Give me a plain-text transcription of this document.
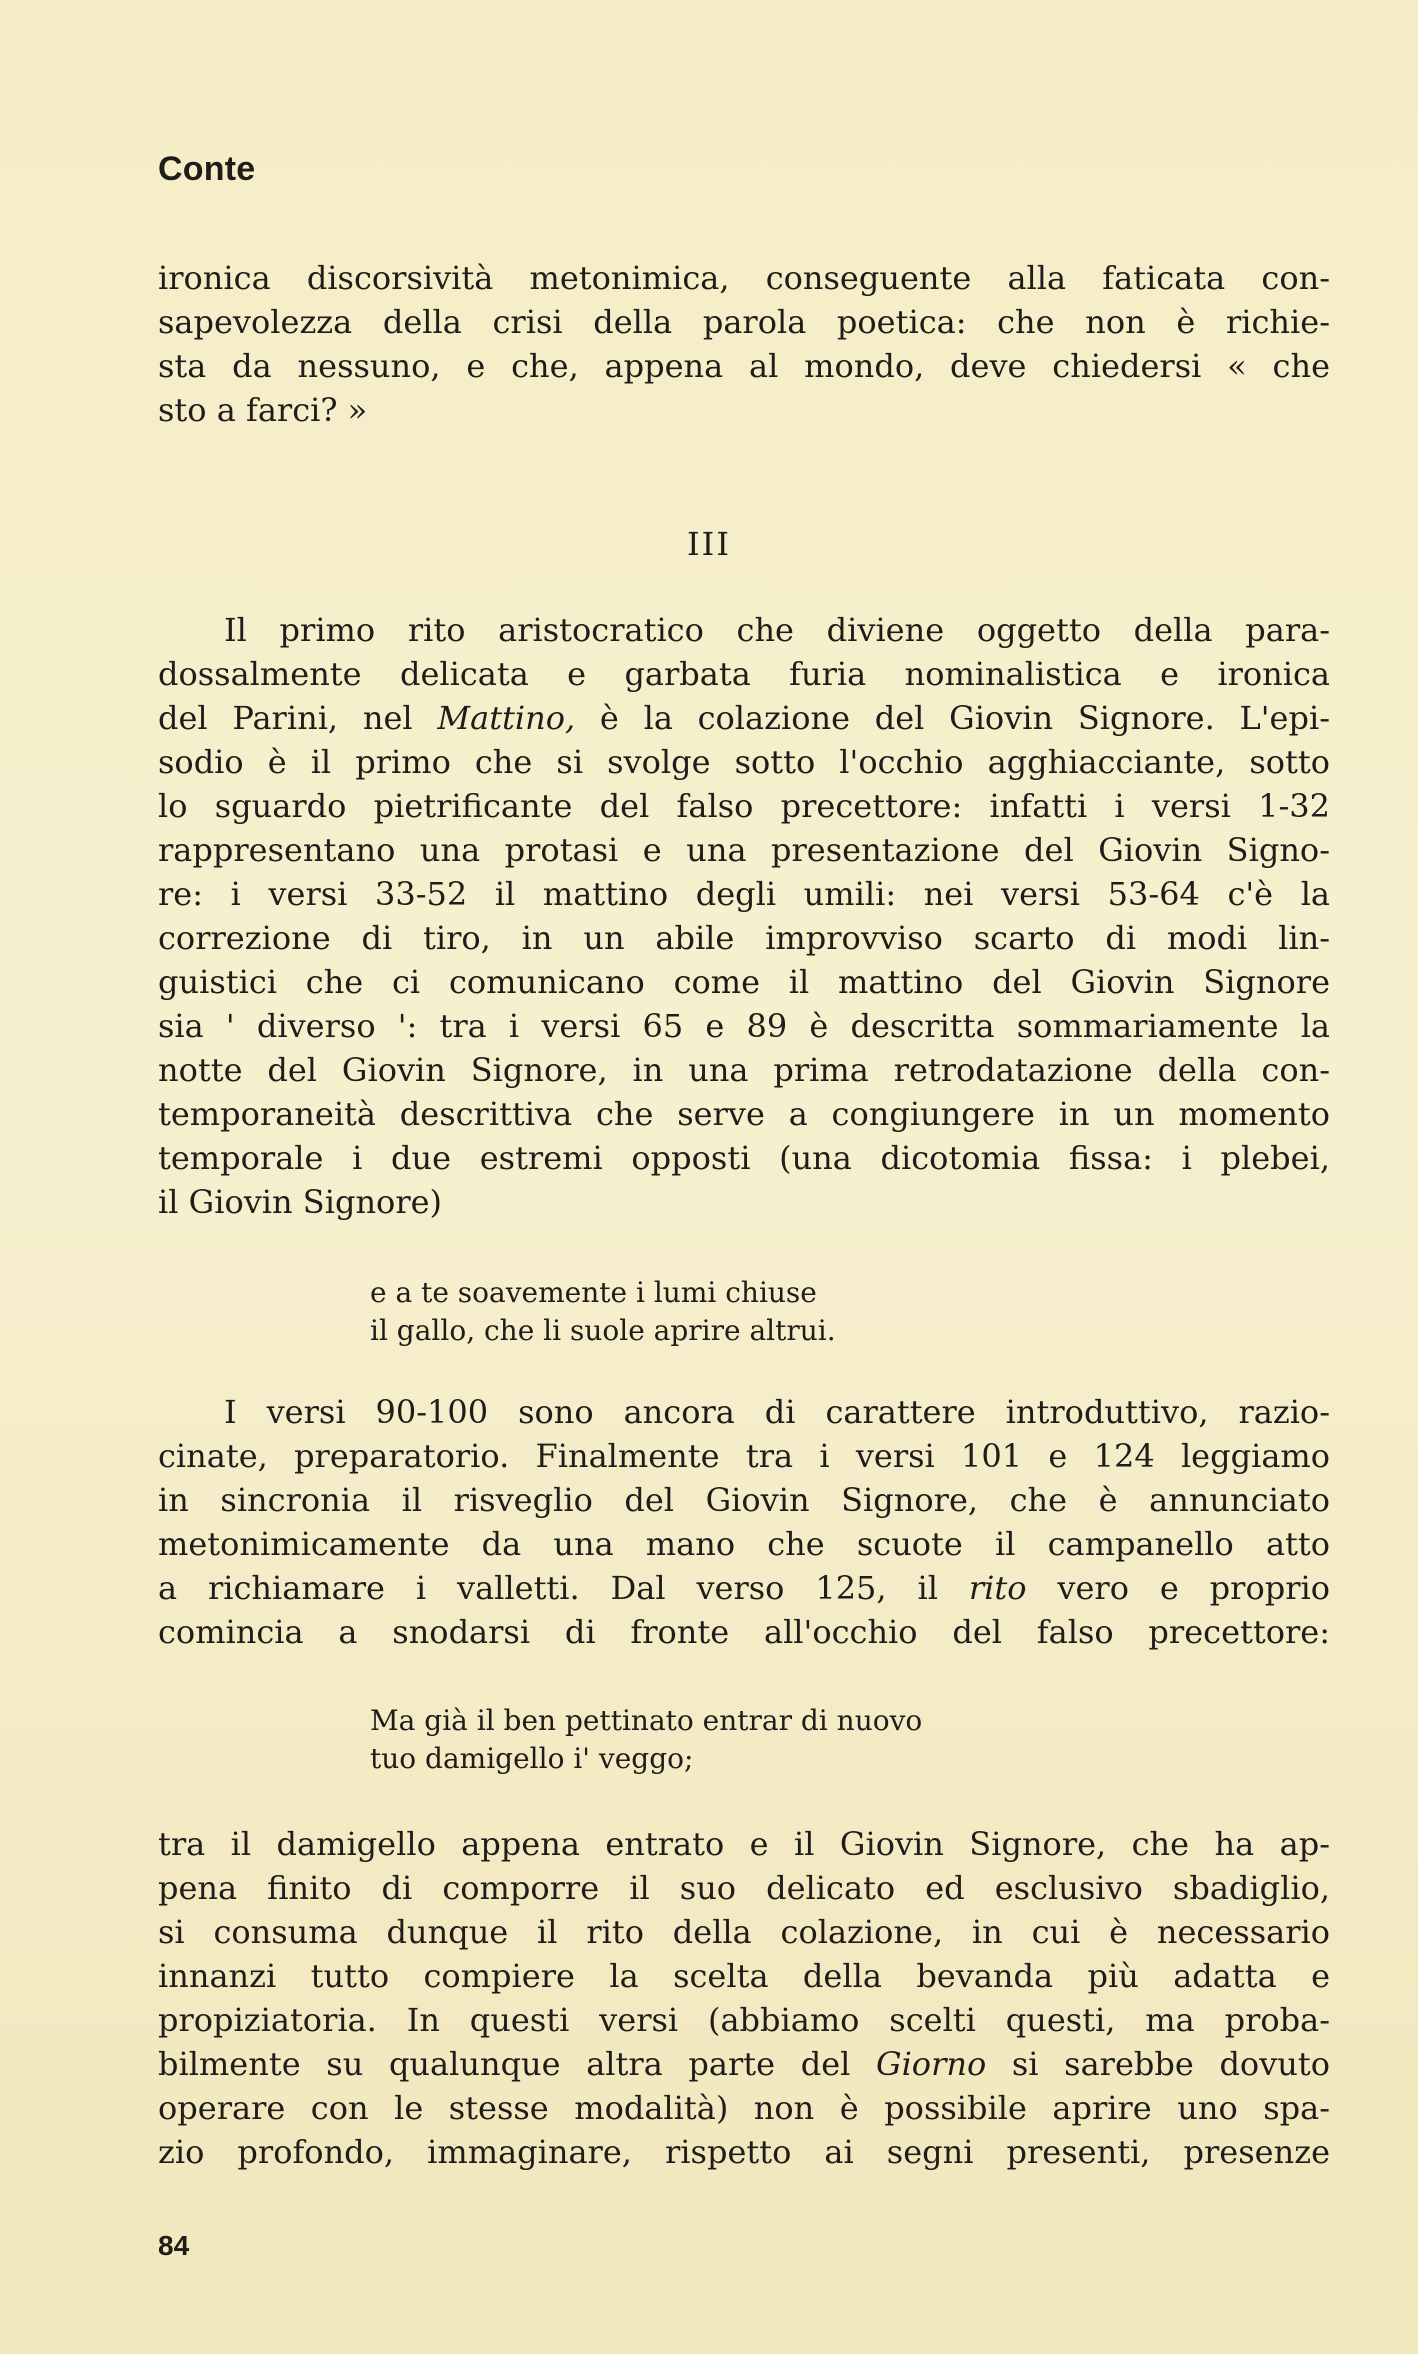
Conte
ironica discorsività metonimica, conseguente alla faticata con-
sapevolezza della crisi della parola poetica: che non è richie-
sta da nessuno, e che, appena al mondo, deve chiedersi « che
sto a farci? »
III
Il primo rito aristocratico che diviene oggetto della para-
dossalmente delicata e garbata furia nominalistica e ironica
del Parini, nel Mattino, è la colazione del Giovin Signore. L'epi-
sodio è il primo che si svolge sotto l'occhio agghiacciante, sotto
lo sguardo pietrificante del falso precettore: infatti i versi 1-32
rappresentano una protasi e una presentazione del Giovin Signo-
re: i versi 33-52 il mattino degli umili: nei versi 53-64 c'è la
correzione di tiro, in un abile improvviso scarto di modi lin-
guistici che ci comunicano come il mattino del Giovin Signore
sia ' diverso ': tra i versi 65 e 89 è descritta sommariamente la
notte del Giovin Signore, in una prima retrodatazione della con-
temporaneità descrittiva che serve a congiungere in un momento
temporale i due estremi opposti (una dicotomia fissa: i plebei,
il Giovin Signore)
e a te soavemente i lumi chiuse
il gallo, che li suole aprire altrui.
I versi 90-100 sono ancora di carattere introduttivo, razio-
cinate, preparatorio. Finalmente tra i versi 101 e 124 leggiamo
in sincronia il risveglio del Giovin Signore, che è annunciato
metonimicamente da una mano che scuote il campanello atto
a richiamare i valletti. Dal verso 125, il rito vero e proprio
comincia a snodarsi di fronte all'occhio del falso precettore:
Ma già il ben pettinato entrar di nuovo
tuo damigello i' veggo;
tra il damigello appena entrato e il Giovin Signore, che ha ap-
pena finito di comporre il suo delicato ed esclusivo sbadiglio,
si consuma dunque il rito della colazione, in cui è necessario
innanzi tutto compiere la scelta della bevanda più adatta e
propiziatoria. In questi versi (abbiamo scelti questi, ma proba-
bilmente su qualunque altra parte del Giorno si sarebbe dovuto
operare con le stesse modalità) non è possibile aprire uno spa-
zio profondo, immaginare, rispetto ai segni presenti, presenze
84
